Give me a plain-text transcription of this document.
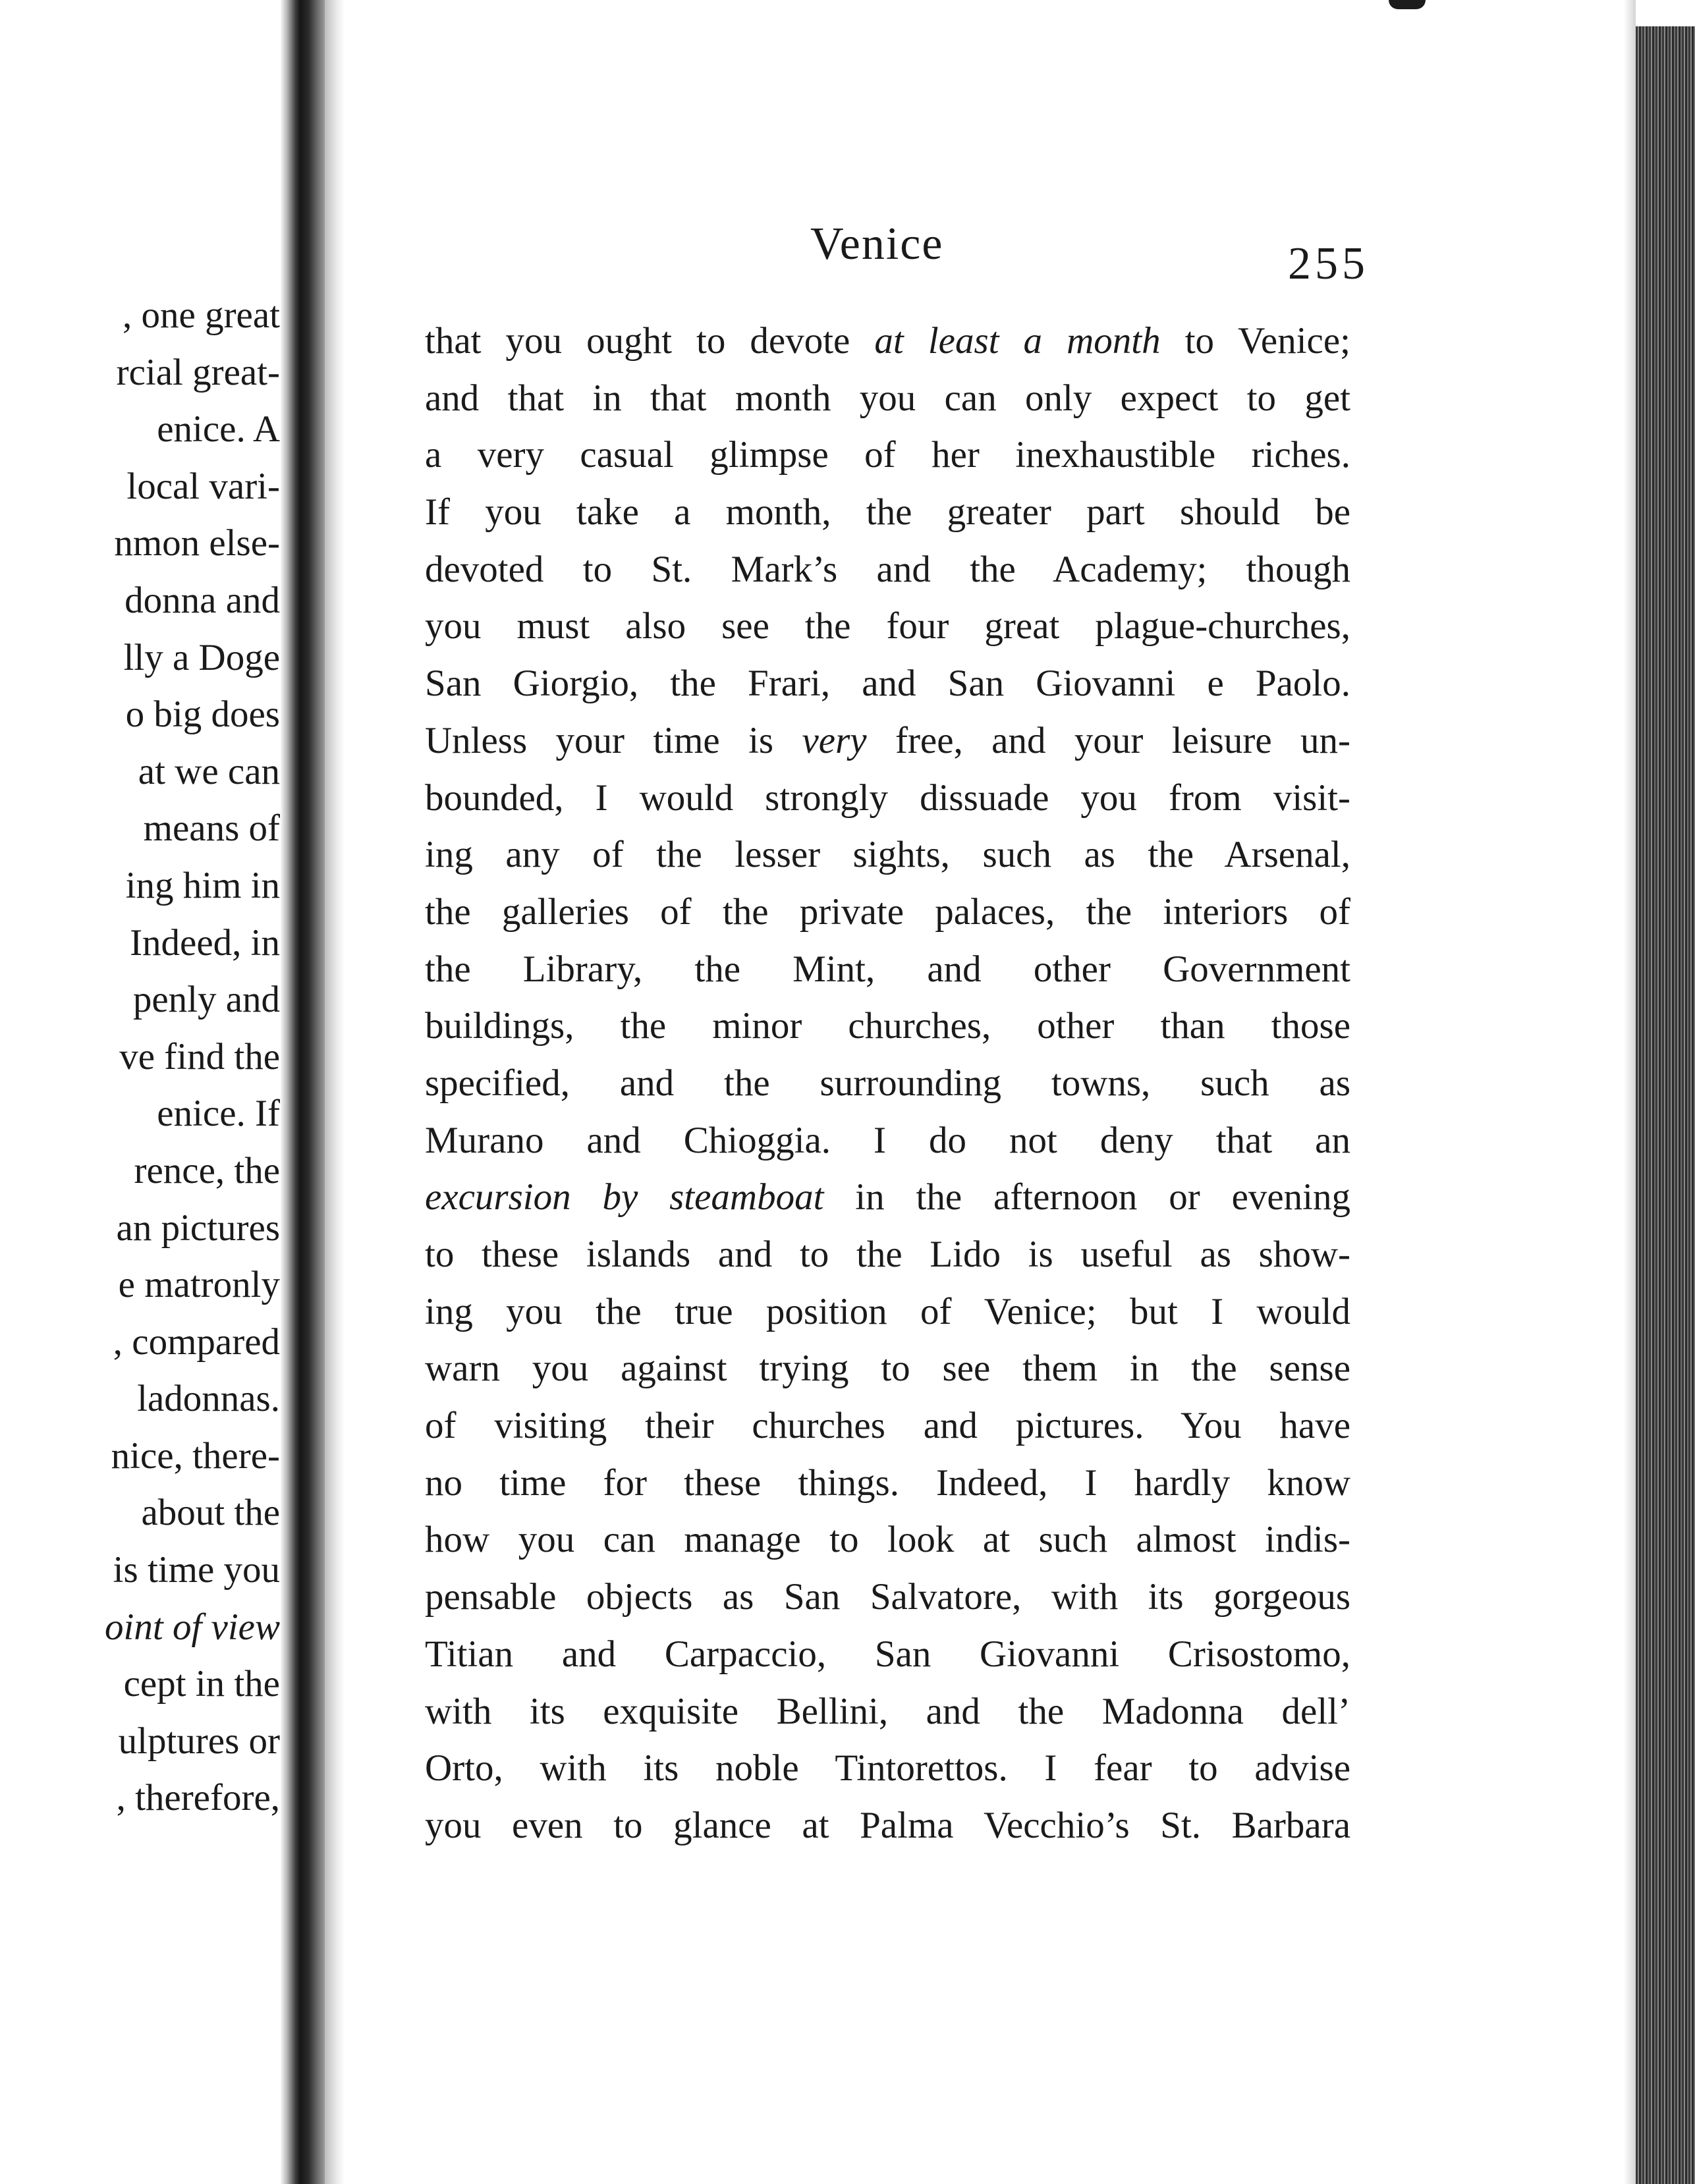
, one great
rcial great-
enice. A
local vari-
nmon else-
donna and
lly a Doge
o big does
at we can
means of
ing him in
Indeed, in
penly and
ve find the
enice. If
rence, the
an pictures
e matronly
, compared
ladonnas.
nice, there-
about the
is time you
oint of view
cept in the
ulptures or
, therefore,
Venice	255
that you ought to devote at least a month to Venice;
and that in that month you can only expect to get
a very casual glimpse of her inexhaustible riches.
If you take a month, the greater part should be
devoted to St. Mark’s and the Academy; though
you must also see the four great plague-churches,
San Giorgio, the Frari, and San Giovanni e Paolo.
Unless your time is very free, and your leisure un-
bounded, I would strongly dissuade you from visit-
ing any of the lesser sights, such as the Arsenal,
the galleries of the private palaces, the interiors of
the Library, the Mint, and other Government
buildings, the minor churches, other than those
specified, and the surrounding towns, such as
Murano and Chioggia. I do not deny that an
excursion by steamboat in the afternoon or evening
to these islands and to the Lido is useful as show-
ing you the true position of Venice; but I would
warn you against trying to see them in the sense
of visiting their churches and pictures. You have
no time for these things. Indeed, I hardly know
how you can manage to look at such almost indis-
pensable objects as San Salvatore, with its gorgeous
Titian and Carpaccio, San Giovanni Crisostomo,
with its exquisite Bellini, and the Madonna dell’
Orto, with its noble Tintorettos. I fear to advise
you even to glance at Palma Vecchio’s St. Barbara
